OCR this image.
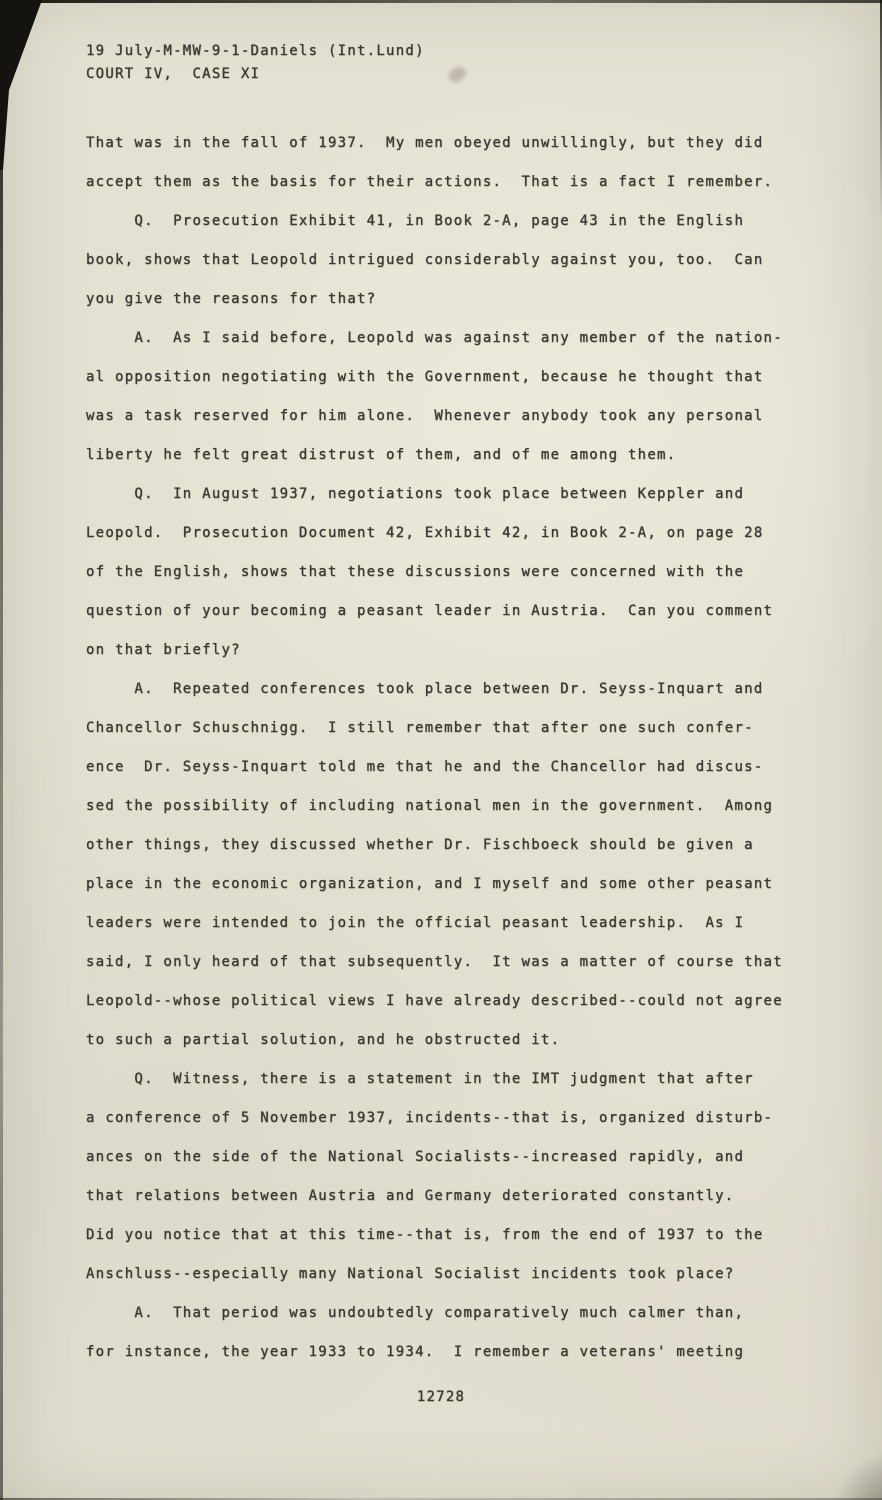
19 July-M-MW-9-1-Daniels (Int.Lund)
COURT IV,  CASE XI
That was in the fall of 1937.  My men obeyed unwillingly, but they did
accept them as the basis for their actions.  That is a fact I remember.
Q.  Prosecution Exhibit 41, in Book 2-A, page 43 in the English
book, shows that Leopold intrigued considerably against you, too.  Can
you give the reasons for that?
A.  As I said before, Leopold was against any member of the nation-
al opposition negotiating with the Government, because he thought that
was a task reserved for him alone.  Whenever anybody took any personal
liberty he felt great distrust of them, and of me among them.
Q.  In August 1937, negotiations took place between Keppler and
Leopold.  Prosecution Document 42, Exhibit 42, in Book 2-A, on page 28
of the English, shows that these discussions were concerned with the
question of your becoming a peasant leader in Austria.  Can you comment
on that briefly?
A.  Repeated conferences took place between Dr. Seyss-Inquart and
Chancellor Schuschnigg.  I still remember that after one such confer-
ence  Dr. Seyss-Inquart told me that he and the Chancellor had discus-
sed the possibility of including national men in the government.  Among
other things, they discussed whether Dr. Fischboeck should be given a
place in the economic organization, and I myself and some other peasant
leaders were intended to join the official peasant leadership.  As I
said, I only heard of that subsequently.  It was a matter of course that
Leopold--whose political views I have already described--could not agree
to such a partial solution, and he obstructed it.
Q.  Witness, there is a statement in the IMT judgment that after
a conference of 5 November 1937, incidents--that is, organized disturb-
ances on the side of the National Socialists--increased rapidly, and
that relations between Austria and Germany deteriorated constantly.
Did you notice that at this time--that is, from the end of 1937 to the
Anschluss--especially many National Socialist incidents took place?
A.  That period was undoubtedly comparatively much calmer than,
for instance, the year 1933 to 1934.  I remember a veterans' meeting
12728
